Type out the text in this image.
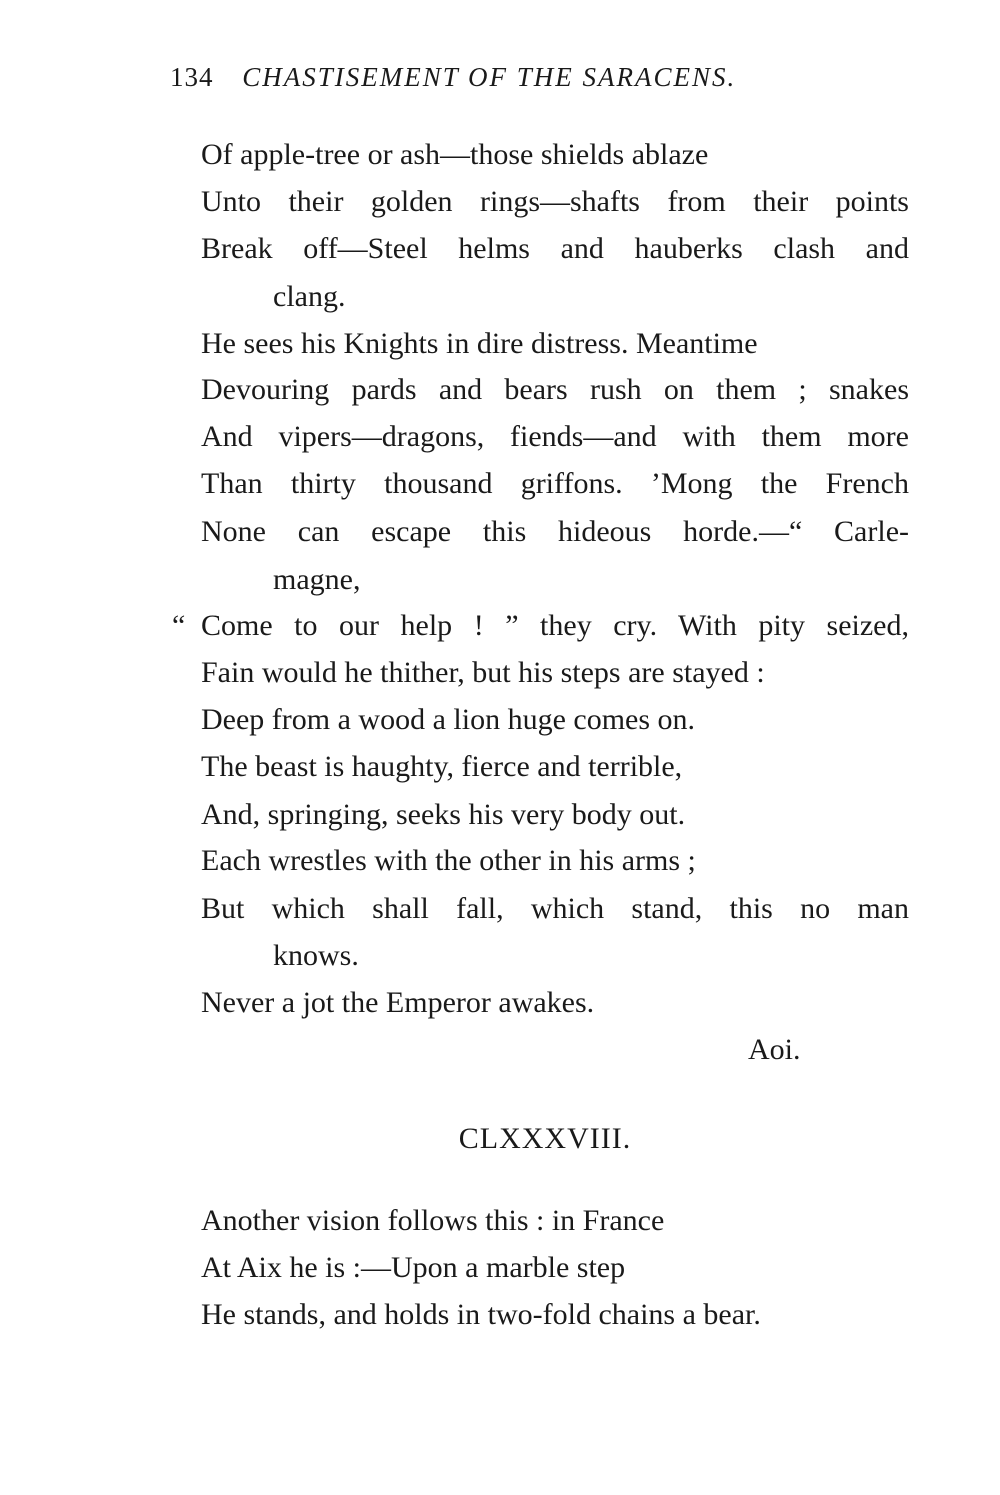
134 CHASTISEMENT OF THE SARACENS.
Of apple-tree or ash—those shields ablaze
Unto their golden rings—shafts from their points
Break off—Steel helms and hauberks clash and
clang.
He sees his Knights in dire distress. Meantime
Devouring pards and bears rush on them ; snakes
And vipers—dragons, fiends—and with them more
Than thirty thousand griffons. ’Mong the French
None can escape this hideous horde.—“ Carle-
magne,
“ Come to our help ! ” they cry. With pity seized,
Fain would he thither, but his steps are stayed :
Deep from a wood a lion huge comes on.
The beast is haughty, fierce and terrible,
And, springing, seeks his very body out.
Each wrestles with the other in his arms ;
But which shall fall, which stand, this no man
knows.
Never a jot the Emperor awakes.
Aoi.
CLXXXVIII.
Another vision follows this : in France
At Aix he is :—Upon a marble step
He stands, and holds in two-fold chains a bear.
